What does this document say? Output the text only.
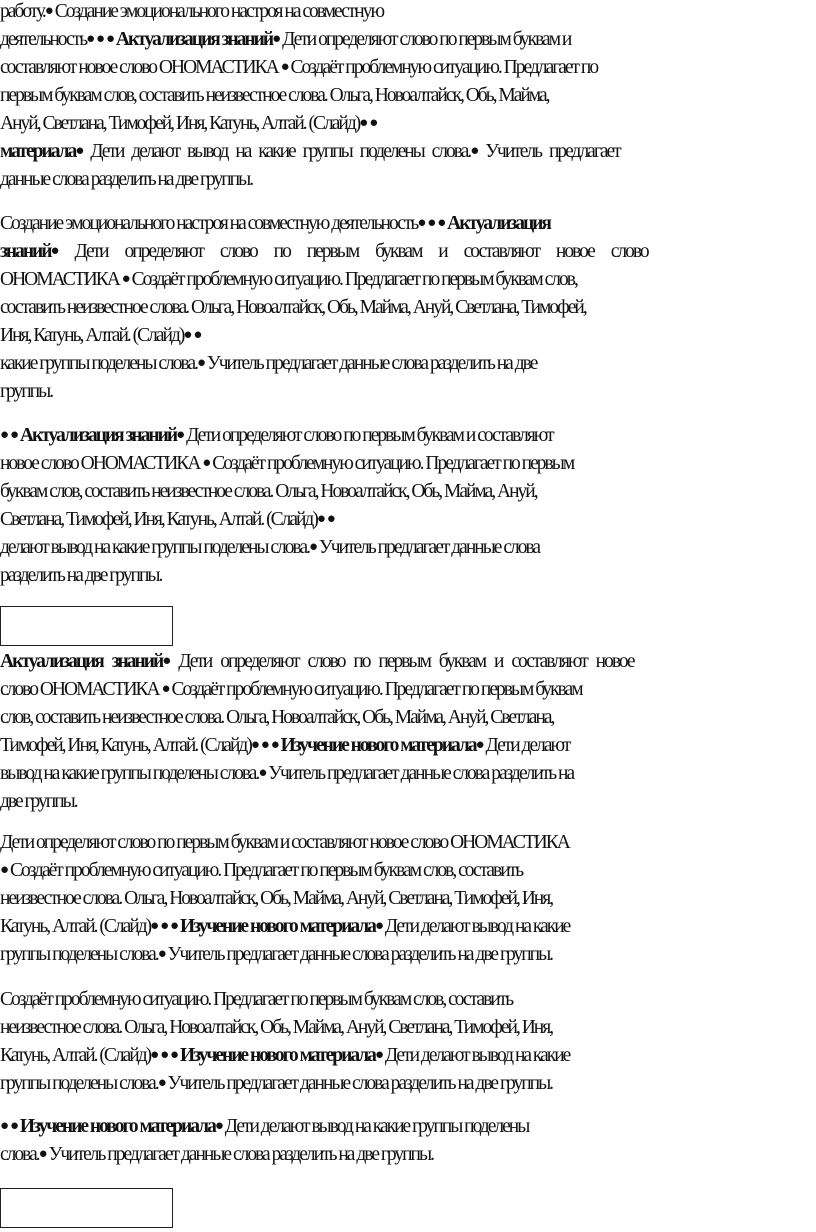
работу.● Создание эмоционального настроя на совместную
деятельность● ● ● Актуализация знаний● Дети определяют слово по первым буквам и
составляют новое слово ОНОМАСТИКА ● Создаёт проблемную ситуацию. Предлагает по
первым буквам слов, составить неизвестное слова. Ольга, Новоалтайск, Обь, Майма,
Ануй, Светлана, Тимофей, Иня, Катунь, Алтай. (Слайд)● ●
материала● Дети делают вывод на какие группы поделены слова.● Учитель предлагает
данные слова разделить на две группы.
Создание эмоционального настроя на совместную деятельность● ● ● Актуализация
знаний● Дети определяют слово по первым буквам и составляют новое слово
ОНОМАСТИКА ● Создаёт проблемную ситуацию. Предлагает по первым буквам слов,
составить неизвестное слова. Ольга, Новоалтайск, Обь, Майма, Ануй, Светлана, Тимофей,
Иня, Катунь, Алтай. (Слайд)● ●
какие группы поделены слова.● Учитель предлагает данные слова разделить на две
группы.
● ● Актуализация знаний● Дети определяют слово по первым буквам и составляют
новое слово ОНОМАСТИКА ● Создаёт проблемную ситуацию. Предлагает по первым
буквам слов, составить неизвестное слова. Ольга, Новоалтайск, Обь, Майма, Ануй,
Светлана, Тимофей, Иня, Катунь, Алтай. (Слайд)● ●
делают вывод на какие группы поделены слова.● Учитель предлагает данные слова
разделить на две группы.
Актуализация знаний● Дети определяют слово по первым буквам и составляют новое
слово ОНОМАСТИКА ● Создаёт проблемную ситуацию. Предлагает по первым буквам
слов, составить неизвестное слова. Ольга, Новоалтайск, Обь, Майма, Ануй, Светлана,
Тимофей, Иня, Катунь, Алтай. (Слайд)● ● ● Изучение нового материала● Дети делают
вывод на какие группы поделены слова.● Учитель предлагает данные слова разделить на
две группы.
Дети определяют слово по первым буквам и составляют новое слово ОНОМАСТИКА
● Создаёт проблемную ситуацию. Предлагает по первым буквам слов, составить
неизвестное слова. Ольга, Новоалтайск, Обь, Майма, Ануй, Светлана, Тимофей, Иня,
Катунь, Алтай. (Слайд)● ● ● Изучение нового материала● Дети делают вывод на какие
группы поделены слова.● Учитель предлагает данные слова разделить на две группы.
Создаёт проблемную ситуацию. Предлагает по первым буквам слов, составить
неизвестное слова. Ольга, Новоалтайск, Обь, Майма, Ануй, Светлана, Тимофей, Иня,
Катунь, Алтай. (Слайд)● ● ● Изучение нового материала● Дети делают вывод на какие
группы поделены слова.● Учитель предлагает данные слова разделить на две группы.
● ● Изучение нового материала● Дети делают вывод на какие группы поделены
слова.● Учитель предлагает данные слова разделить на две группы.
